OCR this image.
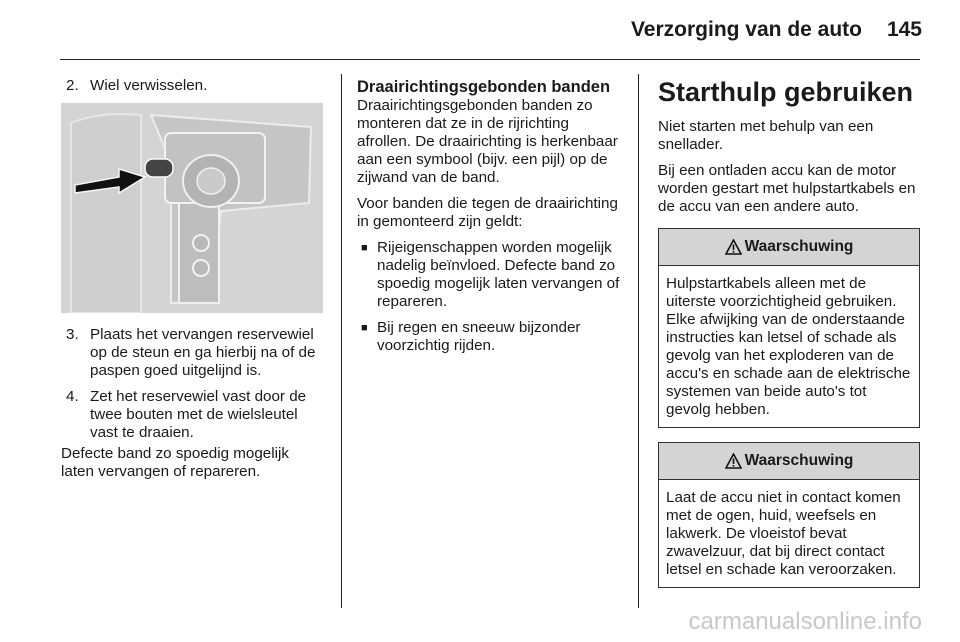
Verzorging van de auto 145
2. Wiel verwisselen.
3. Plaats het vervangen reservewiel op de steun en ga hierbij na of de paspen goed uitgelijnd is.
4. Zet het reservewiel vast door de twee bouten met de wielsleutel vast te draaien.

Defecte band zo spoedig mogelijk laten vervangen of repareren.

Draairichtingsgebonden banden

Draairichtingsgebonden banden zo monteren dat ze in de rijrichting afrollen. De draairichting is herkenbaar aan een symbool (bijv. een pijl) op de zijwand van de band.

Voor banden die tegen de draairichting in gemonteerd zijn geldt:

■ Rijeigenschappen worden mogelijk nadelig beïnvloed. Defecte band zo spoedig mogelijk laten vervangen of repareren.
■ Bij regen en sneeuw bijzonder voorzichtig rijden.
Starthulp gebruiken

Niet starten met behulp van een snellader.

Bij een ontladen accu kan de motor worden gestart met hulpstartkabels en de accu van een andere auto.

Waarschuwing
Hulpstartkabels alleen met de uiterste voorzichtigheid gebruiken. Elke afwijking van de onderstaande instructies kan letsel of schade als gevolg van het exploderen van de accu's en schade aan de elektrische systemen van beide auto's tot gevolg hebben.
Waarschuwing
Laat de accu niet in contact komen met de ogen, huid, weefsels en lakwerk. De vloeistof bevat zwavelzuur, dat bij direct contact letsel en schade kan veroorzaken.
carmanualsonline.info
